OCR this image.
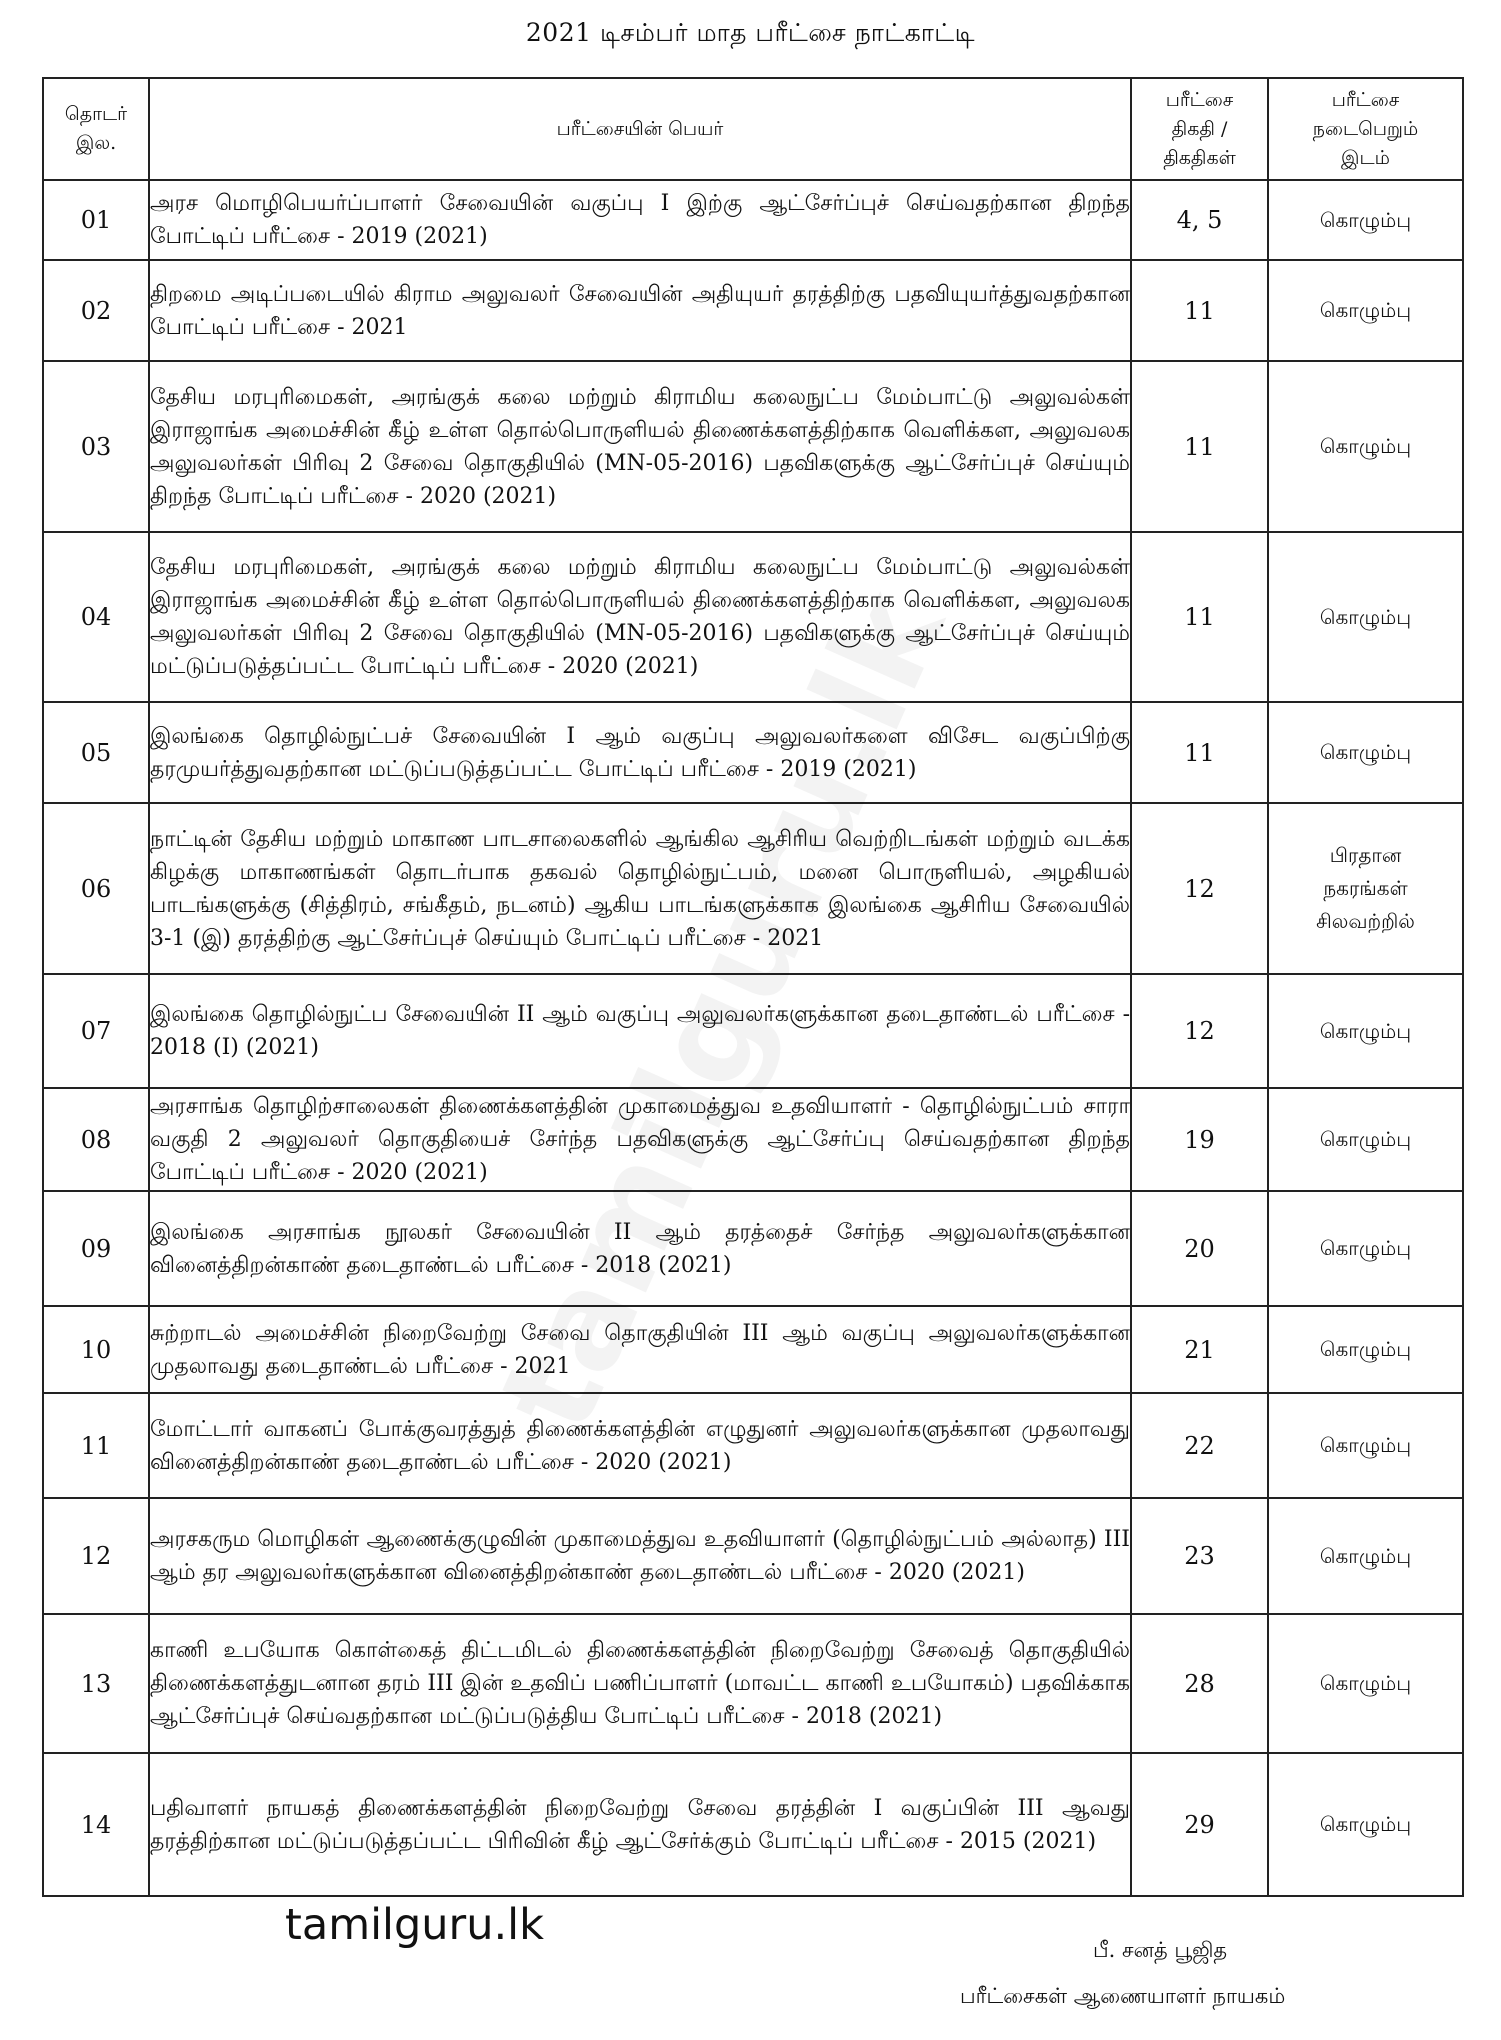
2021 டிசம்பர் மாத பரீட்சை நாட்காட்டி
தொடர் இல.	பரீட்சையின் பெயர்	பரீட்சை திகதி / திகதிகள்	பரீட்சை நடைபெறும் இடம்

01	அரச மொழிபெயர்ப்பாளர் சேவையின் வகுப்பு I இற்கு ஆட்சேர்ப்புச் செய்வதற்கான திறந்த போட்டிப் பரீட்சை - 2019 (2021)	4, 5	கொழும்பு
02	திறமை அடிப்படையில் கிராம அலுவலர் சேவையின் அதியுயர் தரத்திற்கு பதவியுயர்த்துவதற்கான போட்டிப் பரீட்சை - 2021	11	கொழும்பு
03	தேசிய மரபுரிமைகள், அரங்குக் கலை மற்றும் கிராமிய கலைநுட்ப மேம்பாட்டு அலுவல்கள் இராஜாங்க அமைச்சின் கீழ் உள்ள தொல்பொருளியல் திணைக்களத்திற்காக வெளிக்கள, அலுவலக அலுவலர்கள் பிரிவு 2 சேவை தொகுதியில் (MN-05-2016) பதவிகளுக்கு ஆட்சேர்ப்புச் செய்யும் திறந்த போட்டிப் பரீட்சை - 2020 (2021)	11	கொழும்பு
04	தேசிய மரபுரிமைகள், அரங்குக் கலை மற்றும் கிராமிய கலைநுட்ப மேம்பாட்டு அலுவல்கள் இராஜாங்க அமைச்சின் கீழ் உள்ள தொல்பொருளியல் திணைக்களத்திற்காக வெளிக்கள, அலுவலக அலுவலர்கள் பிரிவு 2 சேவை தொகுதியில் (MN-05-2016) பதவிகளுக்கு ஆட்சேர்ப்புச் செய்யும் மட்டுப்படுத்தப்பட்ட போட்டிப் பரீட்சை - 2020 (2021)	11	கொழும்பு
05	இலங்கை தொழில்நுட்பச் சேவையின் I ஆம் வகுப்பு அலுவலர்களை விசேட வகுப்பிற்கு தரமுயர்த்துவதற்கான மட்டுப்படுத்தப்பட்ட போட்டிப் பரீட்சை - 2019 (2021)	11	கொழும்பு
06	நாட்டின் தேசிய மற்றும் மாகாண பாடசாலைகளில் ஆங்கில ஆசிரிய வெற்றிடங்கள் மற்றும் வடக்க கிழக்கு மாகாணங்கள் தொடர்பாக தகவல் தொழில்நுட்பம், மனை பொருளியல், அழகியல் பாடங்களுக்கு (சித்திரம், சங்கீதம், நடனம்) ஆகிய பாடங்களுக்காக இலங்கை ஆசிரிய சேவையில் 3-1 (இ) தரத்திற்கு ஆட்சேர்ப்புச் செய்யும் போட்டிப் பரீட்சை - 2021	12	பிரதான நகரங்கள் சிலவற்றில்
07	இலங்கை தொழில்நுட்ப சேவையின் II ஆம் வகுப்பு அலுவலர்களுக்கான தடைதாண்டல் பரீட்சை - 2018 (I) (2021)	12	கொழும்பு
08	அரசாங்க தொழிற்சாலைகள் திணைக்களத்தின் முகாமைத்துவ உதவியாளர் - தொழில்நுட்பம் சாரா வகுதி 2 அலுவலர் தொகுதியைச் சேர்ந்த பதவிகளுக்கு ஆட்சேர்ப்பு செய்வதற்கான திறந்த போட்டிப் பரீட்சை - 2020 (2021)	19	கொழும்பு
09	இலங்கை அரசாங்க நூலகர் சேவையின் II ஆம் தரத்தைச் சேர்ந்த அலுவலர்களுக்கான வினைத்திறன்காண் தடைதாண்டல் பரீட்சை - 2018 (2021)	20	கொழும்பு
10	சுற்றாடல் அமைச்சின் நிறைவேற்று சேவை தொகுதியின் III ஆம் வகுப்பு அலுவலர்களுக்கான முதலாவது தடைதாண்டல் பரீட்சை - 2021	21	கொழும்பு
11	மோட்டார் வாகனப் போக்குவரத்துத் திணைக்களத்தின் எழுதுனர் அலுவலர்களுக்கான முதலாவது வினைத்திறன்காண் தடைதாண்டல் பரீட்சை - 2020 (2021)	22	கொழும்பு
12	அரசகரும மொழிகள் ஆணைக்குழுவின் முகாமைத்துவ உதவியாளர் (தொழில்நுட்பம் அல்லாத) III ஆம் தர அலுவலர்களுக்கான வினைத்திறன்காண் தடைதாண்டல் பரீட்சை - 2020 (2021)	23	கொழும்பு
13	காணி உபயோக கொள்கைத் திட்டமிடல் திணைக்களத்தின் நிறைவேற்று சேவைத் தொகுதியில் திணைக்களத்துடனான தரம் III இன் உதவிப் பணிப்பாளர் (மாவட்ட காணி உபயோகம்) பதவிக்காக ஆட்சேர்ப்புச் செய்வதற்கான மட்டுப்படுத்திய போட்டிப் பரீட்சை - 2018 (2021)	28	கொழும்பு
14	பதிவாளர் நாயகத் திணைக்களத்தின் நிறைவேற்று சேவை தரத்தின் I வகுப்பின் III ஆவது தரத்திற்கான மட்டுப்படுத்தப்பட்ட பிரிவின் கீழ் ஆட்சேர்க்கும் போட்டிப் பரீட்சை - 2015 (2021)	29	கொழும்பு
tamilguru.lk	பீ. சனத் பூஜித
பரீட்சைகள் ஆணையாளர் நாயகம்
